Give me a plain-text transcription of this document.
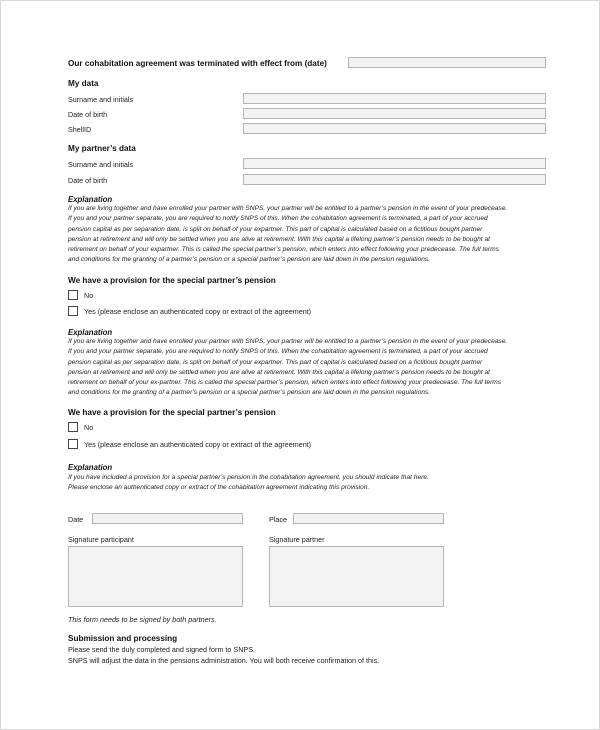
Our cohabitation agreement was terminated with effect from (date)
My data
Surname and initials
Date of birth
ShellID
My partner’s data
Surname and initials
Date of birth
Explanation
If you are living together and have enrolled your partner with SNPS, your partner will be entitled to a partner’s pension in the event of your predecease.
If you and your partner separate, you are required to notify SNPS of this. When the cohabitation agreement is terminated, a part of your accrued
pension capital as per separation date, is split on behalf of your expartner. This part of capital is calculated based on a fictitious bought partner
pension at retirement and will only be settled when you are alive at retirement. With this capital a lifelong partner’s pension needs to be bought at
retirement on behalf of your expartner. This is called the special partner’s pension, which enters into effect following your predecease. The full terms
and conditions for the granting of a partner’s pension or a special partner’s pension are laid down in the pension regulations.
We have a provision for the special partner’s pension
No
Yes (please enclose an authenticated copy or extract of the agreement)
Explanation
If you are living together and have enrolled your partner with SNPS, your partner will be entitled to a partner’s pension in the event of your predecease.
If you and your partner separate, you are required to notify SNPS of this. When the cohabitation agreement is terminated, a part of your accrued
pension capital as per separation date, is split on behalf of your expartner. This part of capital is calculated based on a fictitious bought partner
pension at retirement and will only be settled when you are alive at retirement. With this capital a lifelong partner’s pension needs to be bought at
retirement on behalf of your ex-partner. This is called the special partner’s pension, which enters into effect following your predecease. The full terms
and conditions for the granting of a partner’s pension or a special partner’s pension are laid down in the pension regulations.
We have a provision for the special partner’s pension
No
Yes (please enclose an authenticated copy or extract of the agreement)
Explanation
If you have included a provision for a special partner’s pension in the cohabitation agreement, you should indicate that here.
Please enclose an authenticated copy or extract of the cohabitation agreement indicating this provision.
Date	Place
Signature participant	Signature partner
This form needs to be signed by both partners.
Submission and processing
Please send the duly completed and signed form to SNPS.
SNPS will adjust the data in the pensions administration. You will both receive confirmation of this.
